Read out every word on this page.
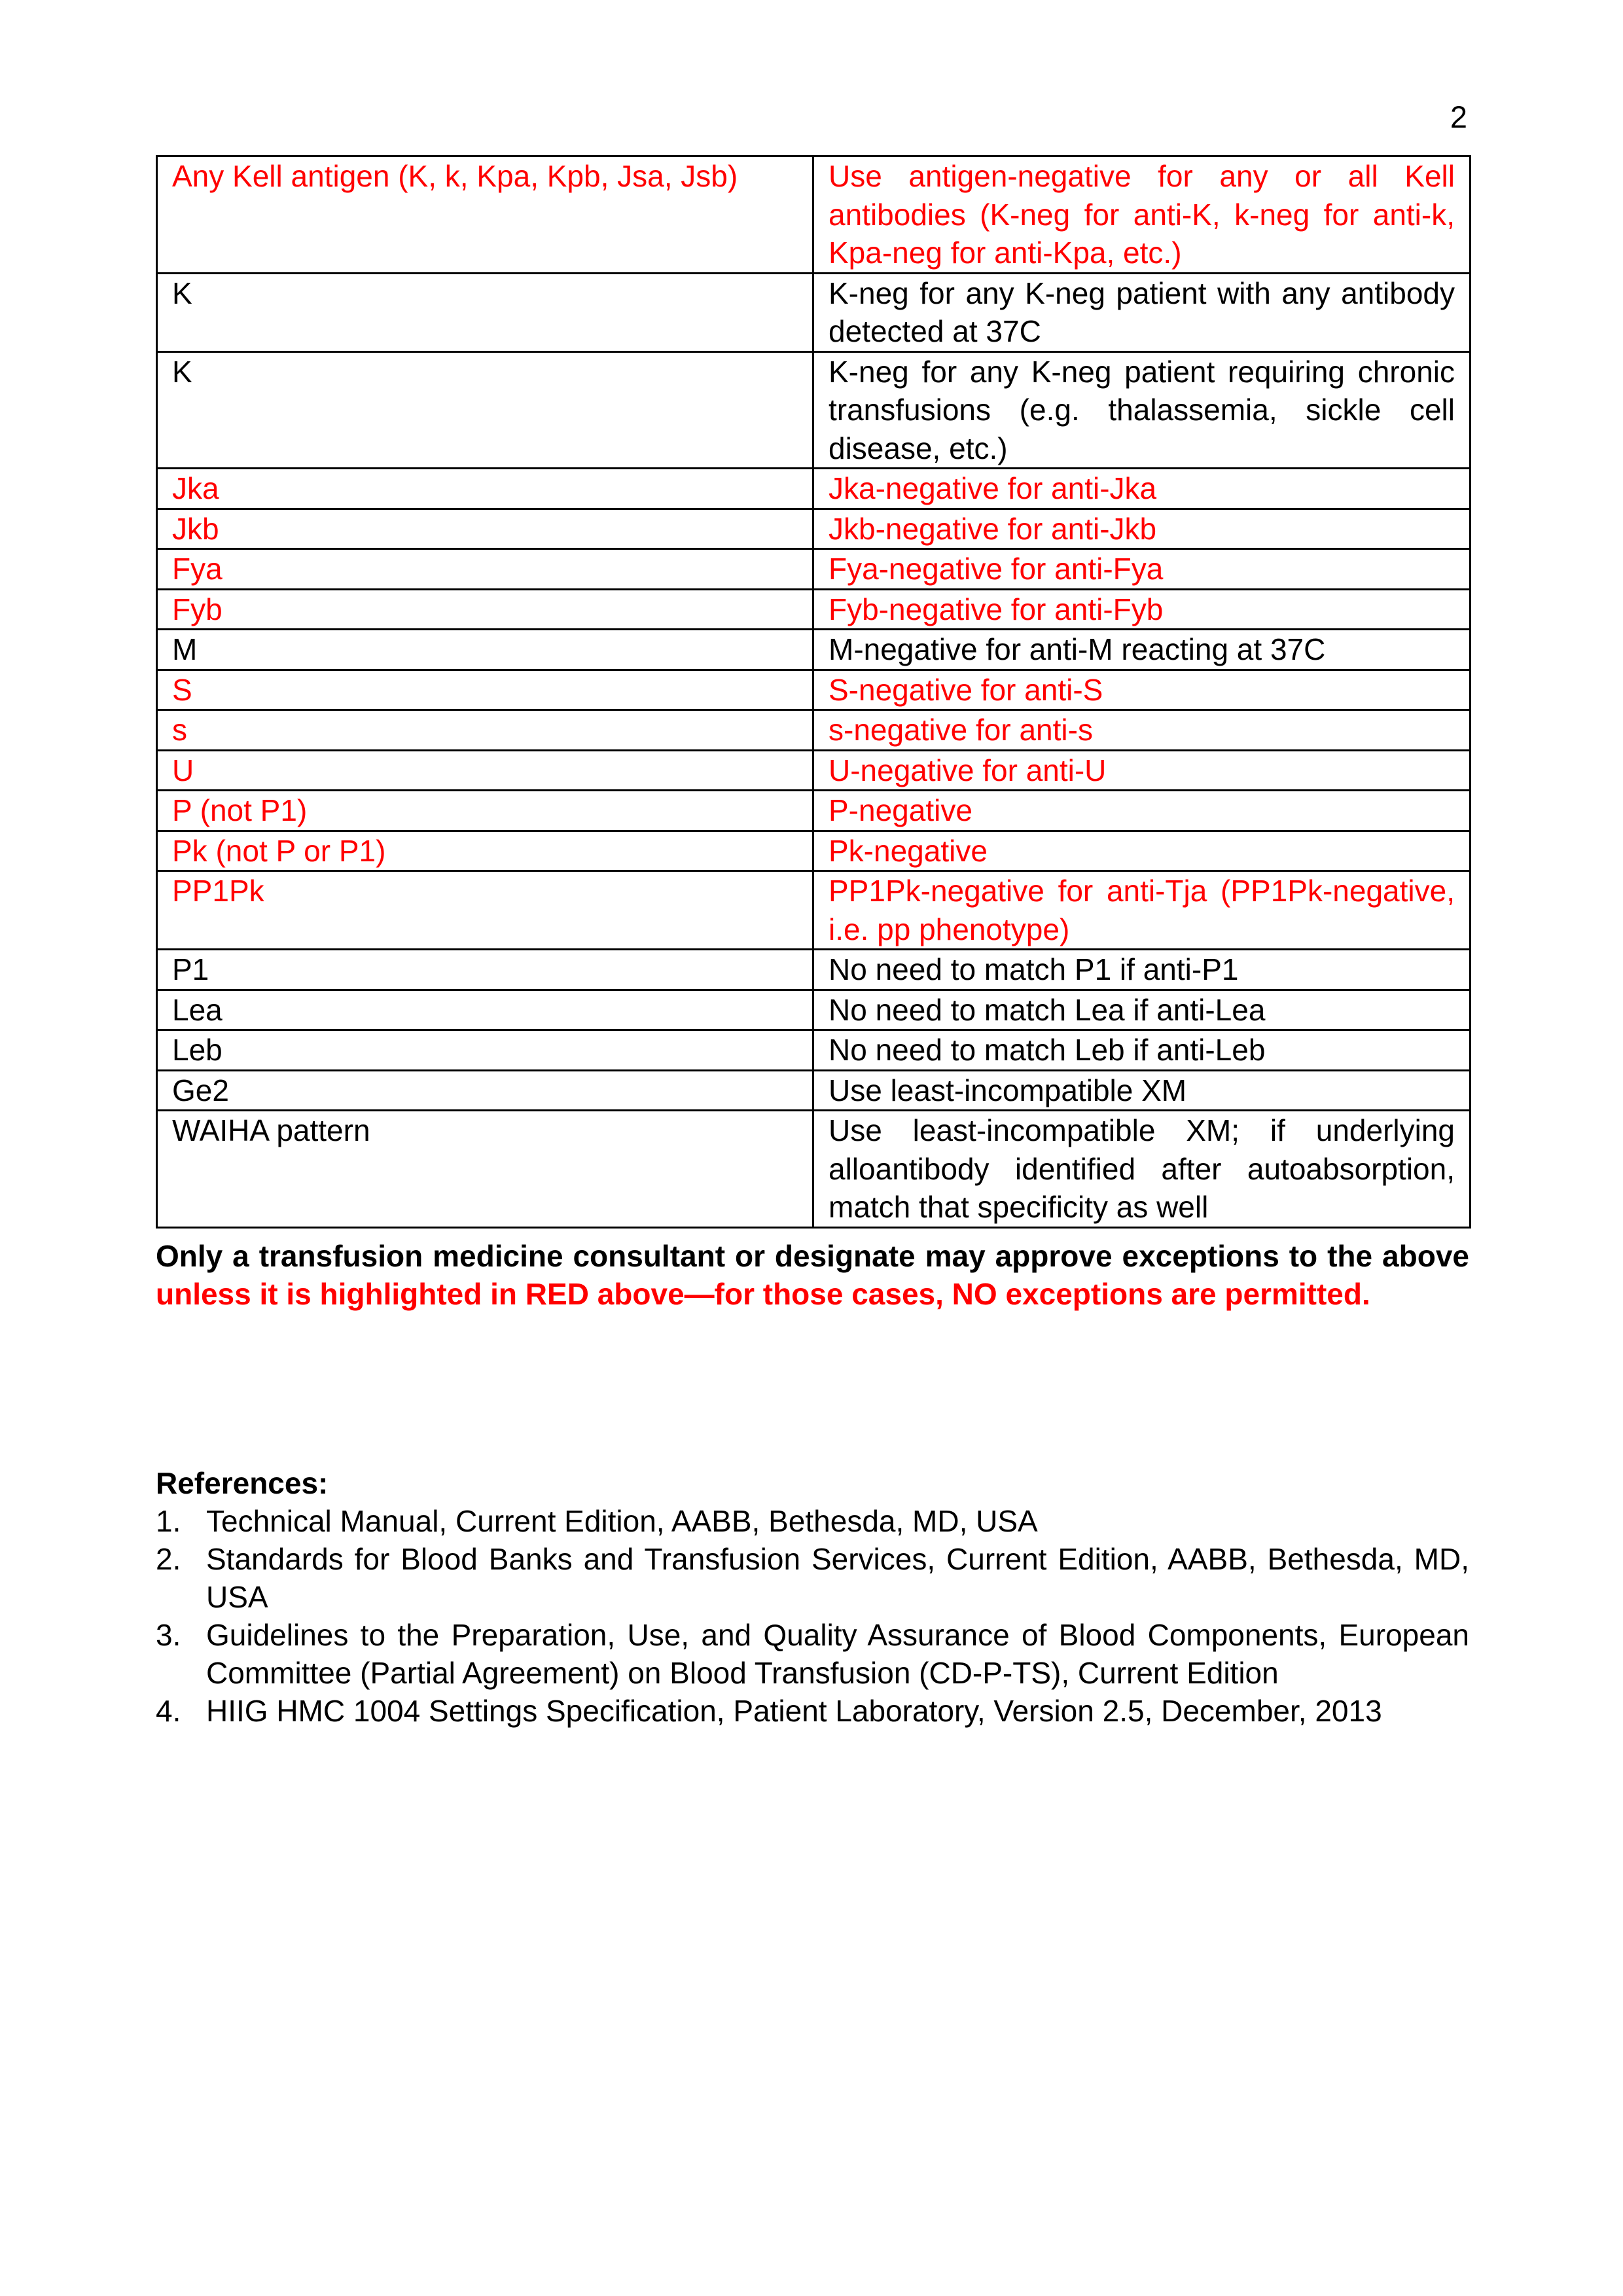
2
Any Kell antigen (K, k, Kpa, Kpb, Jsa, Jsb)	Use antigen-negative for any or all Kell antibodies (K-neg for anti-K, k-neg for anti-k, Kpa-neg for anti-Kpa, etc.)
K	K-neg for any K-neg patient with any antibody detected at 37C
K	K-neg for any K-neg patient requiring chronic transfusions (e.g. thalassemia, sickle cell disease, etc.)
Jka	Jka-negative for anti-Jka
Jkb	Jkb-negative for anti-Jkb
Fya	Fya-negative for anti-Fya
Fyb	Fyb-negative for anti-Fyb
M	M-negative for anti-M reacting at 37C
S	S-negative for anti-S
s	s-negative for anti-s
U	U-negative for anti-U
P (not P1)	P-negative
Pk (not P or P1)	Pk-negative
PP1Pk	PP1Pk-negative for anti-Tja (PP1Pk-negative, i.e. pp phenotype)
P1	No need to match P1 if anti-P1
Lea	No need to match Lea if anti-Lea
Leb	No need to match Leb if anti-Leb
Ge2	Use least-incompatible XM
WAIHA pattern	Use least-incompatible XM; if underlying alloantibody identified after autoabsorption, match that specificity as well

Only a transfusion medicine consultant or designate may approve exceptions to the above unless it is highlighted in RED above—for those cases, NO exceptions are permitted.

References:

1. Technical Manual, Current Edition, AABB, Bethesda, MD, USA
2. Standards for Blood Banks and Transfusion Services, Current Edition, AABB, Bethesda, MD, USA
3. Guidelines to the Preparation, Use, and Quality Assurance of Blood Components, European Committee (Partial Agreement) on Blood Transfusion (CD-P-TS), Current Edition
4. HIIG HMC 1004 Settings Specification, Patient Laboratory, Version 2.5, December, 2013
